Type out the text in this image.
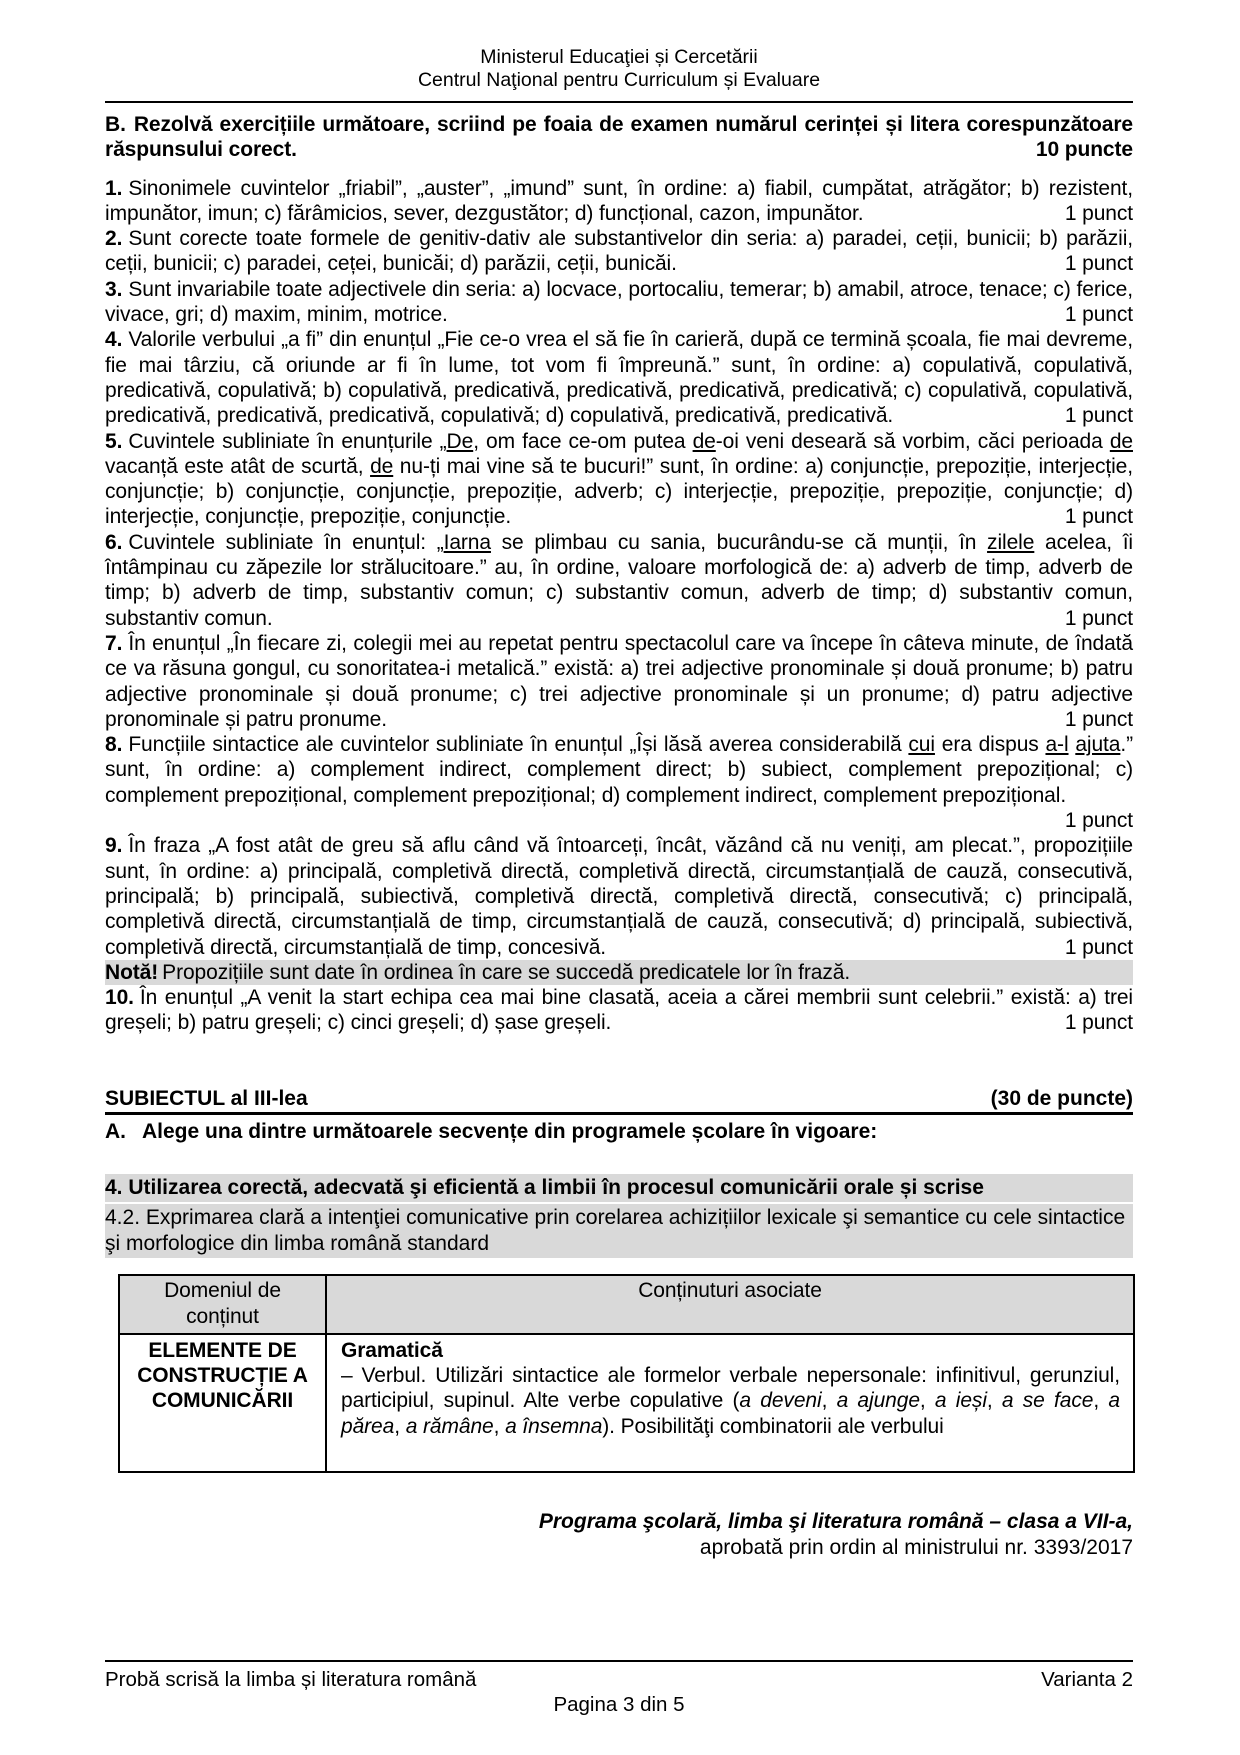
Ministerul Educaţiei și Cercetării
Centrul Naţional pentru Curriculum și Evaluare
B. Rezolvă exercițiile următoare, scriind pe foaia de examen numărul cerinței și litera corespunzătoare răspunsului corect.	10 puncte
1. Sinonimele cuvintelor „friabil”, „auster”, „imund” sunt, în ordine: a) fiabil, cumpătat, atrăgător; b) rezistent, impunător, imun; c) fărâmicios, sever, dezgustător; d) funcțional, cazon, impunător.	1 punct
2. Sunt corecte toate formele de genitiv-dativ ale substantivelor din seria: a) paradei, ceții, bunicii; b) parăzii, ceții, bunicii; c) paradei, ceței, bunicăi; d) parăzii, ceții, bunicăi.	1 punct
3. Sunt invariabile toate adjectivele din seria: a) locvace, portocaliu, temerar; b) amabil, atroce, tenace; c) ferice, vivace, gri; d) maxim, minim, motrice.	1 punct
4. Valorile verbului „a fi” din enunțul „Fie ce-o vrea el să fie în carieră, după ce termină școala, fie mai devreme, fie mai târziu, că oriunde ar fi în lume, tot vom fi împreună.” sunt, în ordine: a) copulativă, copulativă, predicativă, copulativă; b) copulativă, predicativă, predicativă, predicativă, predicativă; c) copulativă, copulativă, predicativă, predicativă, predicativă, copulativă; d) copulativă, predicativă, predicativă.	1 punct
5. Cuvintele subliniate în enunțurile „De, om face ce-om putea de-oi veni deseară să vorbim, căci perioada de vacanță este atât de scurtă, de nu-ți mai vine să te bucuri!” sunt, în ordine: a) conjuncție, prepoziție, interjecție, conjuncție; b) conjuncție, conjuncție, prepoziție, adverb; c) interjecție, prepoziție, prepoziție, conjuncție; d) interjecție, conjuncție, prepoziție, conjuncție.	1 punct
6. Cuvintele subliniate în enunțul: „Iarna se plimbau cu sania, bucurându-se că munții, în zilele acelea, îi întâmpinau cu zăpezile lor strălucitoare.” au, în ordine, valoare morfologică de: a) adverb de timp, adverb de timp; b) adverb de timp, substantiv comun; c) substantiv comun, adverb de timp; d) substantiv comun, substantiv comun.	1 punct
7. În enunțul „În fiecare zi, colegii mei au repetat pentru spectacolul care va începe în câteva minute, de îndată ce va răsuna gongul, cu sonoritatea-i metalică.” există: a) trei adjective pronominale și două pronume; b) patru adjective pronominale și două pronume; c) trei adjective pronominale și un pronume; d) patru adjective pronominale și patru pronume.	1 punct
8. Funcțiile sintactice ale cuvintelor subliniate în enunțul „Își lăsă averea considerabilă cui era dispus a-l ajuta.” sunt, în ordine: a) complement indirect, complement direct; b) subiect, complement prepozițional; c) complement prepozițional, complement prepozițional; d) complement indirect, complement prepozițional.
1 punct
9. În fraza „A fost atât de greu să aflu când vă întoarceți, încât, văzând că nu veniți, am plecat.”, propozițiile sunt, în ordine: a) principală, completivă directă, completivă directă, circumstanțială de cauză, consecutivă, principală; b) principală, subiectivă, completivă directă, completivă directă, consecutivă; c) principală, completivă directă, circumstanțială de timp, circumstanțială de cauză, consecutivă; d) principală, subiectivă, completivă directă, circumstanțială de timp, concesivă.	1 punct
Notă! Propozițiile sunt date în ordinea în care se succedă predicatele lor în frază.
10. În enunțul „A venit la start echipa cea mai bine clasată, aceia a cărei membrii sunt celebrii.” există: a) trei greșeli; b) patru greșeli; c) cinci greșeli; d) șase greșeli.	1 punct
SUBIECTUL al III-lea	(30 de puncte)
A. Alege una dintre următoarele secvențe din programele școlare în vigoare:
4. Utilizarea corectă, adecvată şi eficientă a limbii în procesul comunicării orale și scrise
4.2. Exprimarea clară a intenţiei comunicative prin corelarea achizițiilor lexicale şi semantice cu cele sintactice şi morfologice din limba română standard
Domeniul de conținut	Conținuturi asociate
ELEMENTE DE CONSTRUCȚIE A COMUNICĂRII	Gramatică
– Verbul. Utilizări sintactice ale formelor verbale nepersonale: infinitivul, gerunziul, participiul, supinul. Alte verbe copulative (a deveni, a ajunge, a ieși, a se face, a părea, a rămâne, a însemna). Posibilităţi combinatorii ale verbului
Programa şcolară, limba şi literatura română – clasa a VII-a,
aprobată prin ordin al ministrului nr. 3393/2017
Probă scrisă la limba și literatura română	Varianta 2
Pagina 3 din 5
